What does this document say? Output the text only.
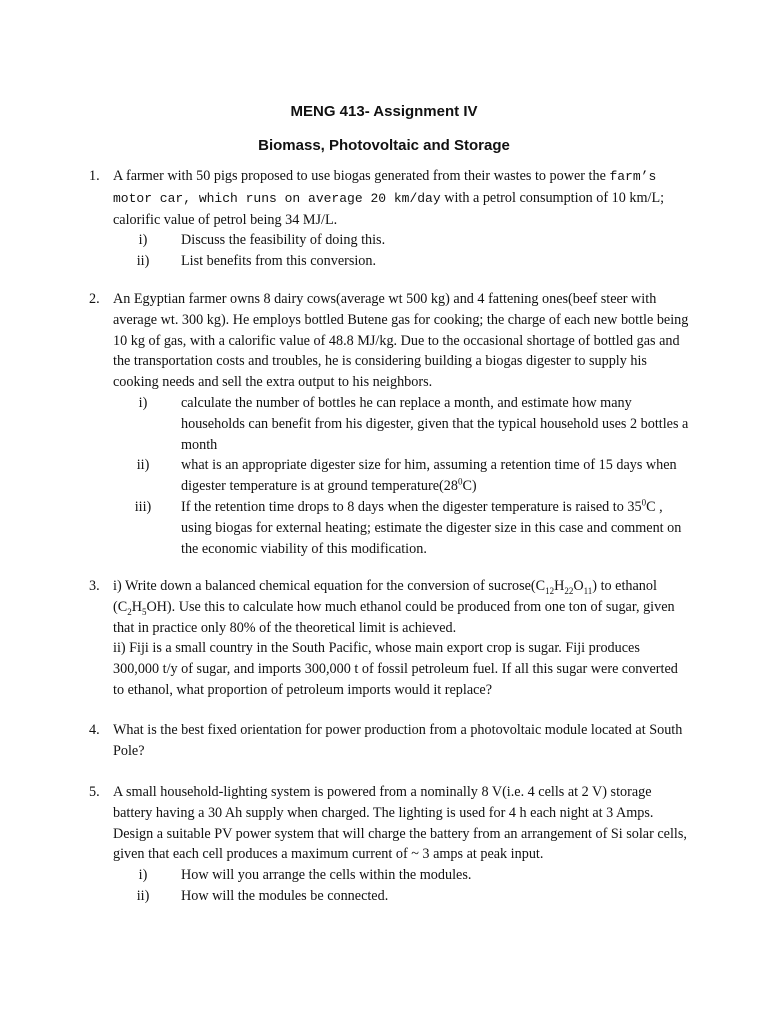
MENG 413- Assignment IV
Biomass, Photovoltaic and Storage
1. A farmer with 50 pigs proposed to use biogas generated from their wastes to power the farm’s motor car, which runs on average 20 km/day with a petrol consumption of 10 km/L; calorific value of petrol being 34 MJ/L.
i)	Discuss the feasibility of doing this.
ii)	List benefits from this conversion.
2. An Egyptian farmer owns 8 dairy cows(average wt 500 kg) and 4 fattening ones(beef steer with average wt. 300 kg). He employs bottled Butene gas for cooking; the charge of each new bottle being 10 kg of gas, with a calorific value of 48.8 MJ/kg. Due to the occasional shortage of bottled gas and the transportation costs and troubles, he is considering building a biogas digester to supply his cooking needs and sell the extra output to his neighbors.
i)	calculate the number of bottles he can replace a month, and estimate how many households can benefit from his digester, given that the typical household uses 2 bottles a month
ii)	what is an appropriate digester size for him, assuming a retention time of 15 days when digester temperature is at ground $temperature(28^0C)$
iii)	If the retention time drops to 8 days when the digester temperature is raised to $35^0C$ , using biogas for external heating; estimate the digester size in this case and comment on the economic viability of this modification.
3. i) Write down a balanced chemical equation for the conversion of $sucrose(C_{12}H_{22}O_{11})$ to ethanol $(C_2H_5OH)$. Use this to calculate how much ethanol could be produced from one ton of sugar, given that in practice only 80% of the theoretical limit is achieved.
ii) Fiji is a small country in the South Pacific, whose main export crop is sugar. Fiji produces 300,000 t/y of sugar, and imports 300,000 t of fossil petroleum fuel. If all this sugar were converted to ethanol, what proportion of petroleum imports would it replace?
4. What is the best fixed orientation for power production from a photovoltaic module located at South Pole?
5. A small household-lighting system is powered from a nominally 8 V(i.e. 4 cells at 2 V) storage battery having a 30 Ah supply when charged. The lighting is used for 4 h each night at 3 Amps.
Design a suitable PV power system that will charge the battery from an arrangement of Si solar cells, given that each cell produces a maximum current of ~ 3 amps at peak input.
i)	How will you arrange the cells within the modules.
ii)	How will the modules be connected.
